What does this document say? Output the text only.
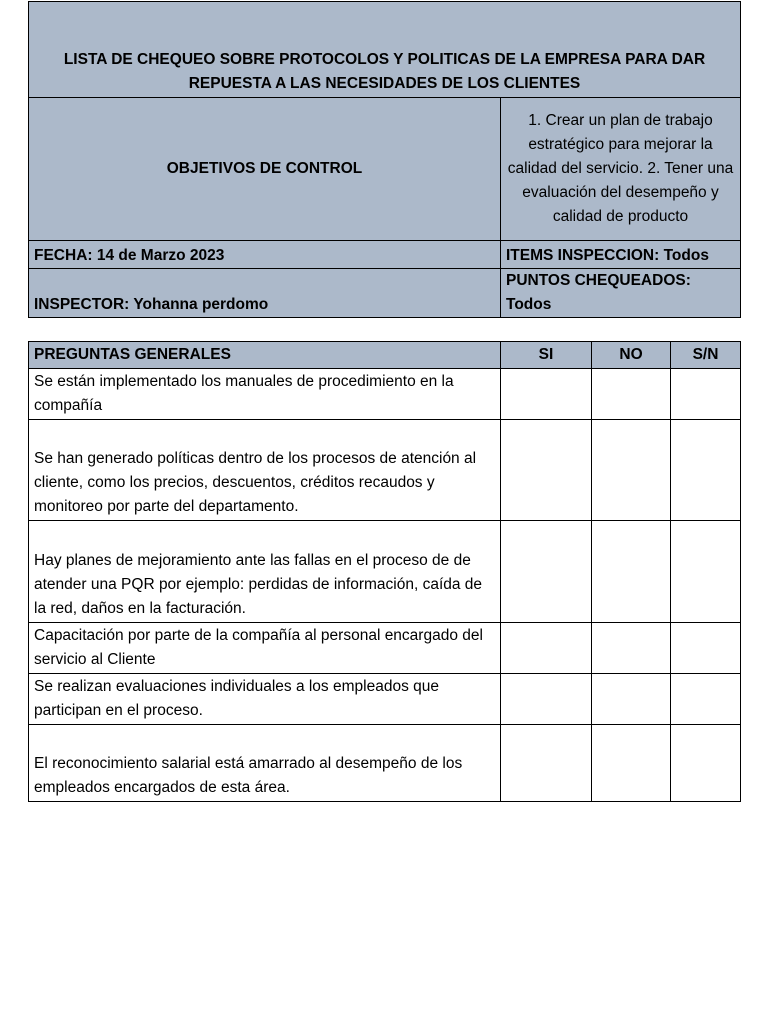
LISTA DE CHEQUEO SOBRE PROTOCOLOS Y POLITICAS DE LA EMPRESA PARA DAR REPUESTA A LAS NECESIDADES DE LOS CLIENTES	
OBJETIVOS DE CONTROL	1. Crear un plan de trabajo estratégico para mejorar la calidad del servicio. 2. Tener una evaluación del desempeño y calidad de producto
FECHA: 14 de Marzo 2023	ITEMS INSPECCION: Todos
INSPECTOR: Yohanna perdomo	PUNTOS CHEQUEADOS: Todos
PREGUNTAS GENERALES	SI	NO	S/N
Se están implementado los manuales de procedimiento en la compañía			
Se han generado políticas dentro de los procesos de atención al cliente, como los precios, descuentos, créditos recaudos y monitoreo por parte del departamento.			
Hay planes de mejoramiento ante las fallas en el proceso de de atender una PQR por ejemplo: perdidas de información, caída de la red, daños en la facturación.			
Capacitación por parte de la compañía al personal encargado del servicio al Cliente			
Se realizan evaluaciones individuales a los empleados que participan en el proceso.			
El reconocimiento salarial está amarrado al desempeño de los empleados encargados de esta área.			
